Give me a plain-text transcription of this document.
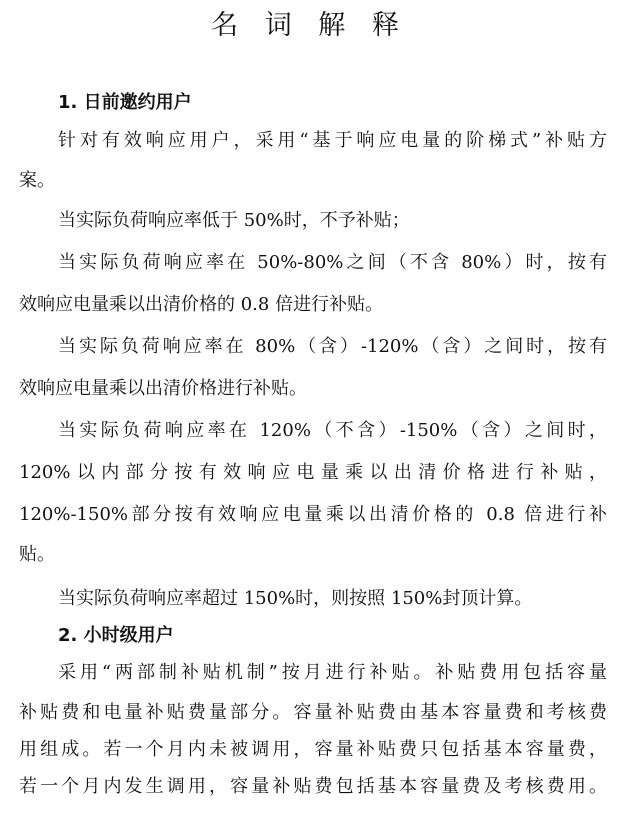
名 词 解 释
1. 日前邀约用户
针对有效响应用户，采用“基于响应电量的阶梯式”补贴方
案。
当实际负荷响应率低于 50%时，不予补贴；
当实际负荷响应率在 50%-80%之间（不含 80%）时，按有
效响应电量乘以出清价格的 0.8 倍进行补贴。
当实际负荷响应率在 80%（含）-120%（含）之间时，按有
效响应电量乘以出清价格进行补贴。
当实际负荷响应率在 120%（不含）-150%（含）之间时，
120%以内部分按有效响应电量乘以出清价格进行补贴，
120%-150%部分按有效响应电量乘以出清价格的 0.8 倍进行补
贴。
当实际负荷响应率超过 150%时，则按照 150%封顶计算。
2. 小时级用户
采用“两部制补贴机制”按月进行补贴。补贴费用包括容量
补贴费和电量补贴费量部分。容量补贴费由基本容量费和考核费
用组成。若一个月内未被调用，容量补贴费只包括基本容量费，
若一个月内发生调用，容量补贴费包括基本容量费及考核费用。
